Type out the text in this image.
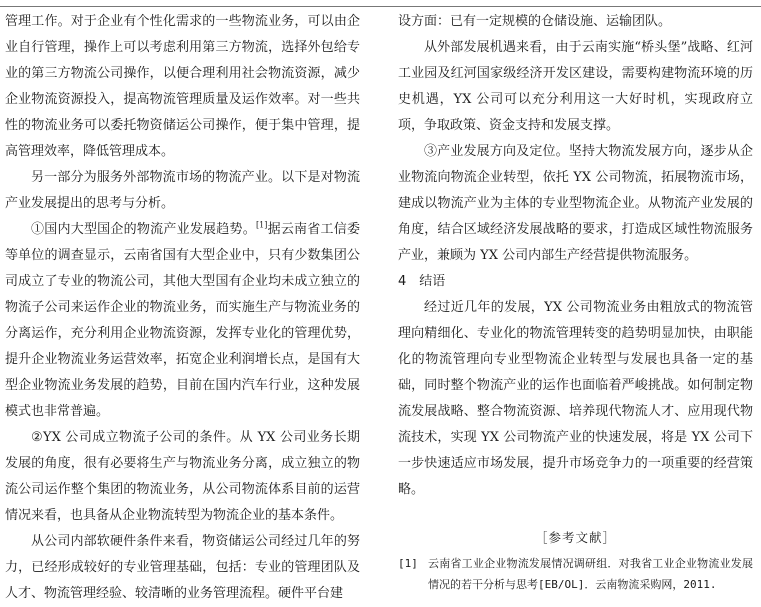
管理工作。对于企业有个性化需求的一些物流业务，可以由企业自行管理，操作上可以考虑利用第三方物流，选择外包给专业的第三方物流公司操作，以便合理利用社会物流资源，减少企业物流资源投入，提高物流管理质量及运作效率。对一些共性的物流业务可以委托物资储运公司操作，便于集中管理，提高管理效率，降低管理成本。

另一部分为服务外部物流市场的物流产业。以下是对物流产业发展提出的思考与分析。

①国内大型国企的物流产业发展趋势。[1]据云南省工信委等单位的调查显示，云南省国有大型企业中，只有少数集团公司成立了专业的物流公司，其他大型国有企业均未成立独立的物流子公司来运作企业的物流业务，而实施生产与物流业务的分离运作，充分利用企业物流资源，发挥专业化的管理优势，提升企业物流业务运营效率，拓宽企业利润增长点，是国有大型企业物流业务发展的趋势，目前在国内汽车行业，这种发展模式也非常普遍。

②YX 公司成立物流子公司的条件。从 YX 公司业务长期发展的角度，很有必要将生产与物流业务分离，成立独立的物流公司运作整个集团的物流业务，从公司物流体系目前的运营情况来看，也具备从企业物流转型为物流企业的基本条件。

从公司内部软硬件条件来看，物资储运公司经过几年的努力，已经形成较好的专业管理基础，包括：专业的管理团队及人才、物流管理经验、较清晰的业务管理流程。硬件平台建

设方面：已有一定规模的仓储设施、运输团队。

从外部发展机遇来看，由于云南实施“桥头堡”战略、红河工业园及红河国家级经济开发区建设，需要构建物流环境的历史机遇，YX 公司可以充分利用这一大好时机，实现政府立项，争取政策、资金支持和发展支撑。

③产业发展方向及定位。坚持大物流发展方向，逐步从企业物流向物流企业转型，依托 YX 公司物流，拓展物流市场，建成以物流产业为主体的专业型物流企业。从物流产业发展的角度，结合区域经济发展战略的要求，打造成区域性物流服务产业，兼顾为 YX 公司内部生产经营提供物流服务。

4　结语

经过近几年的发展，YX 公司物流业务由粗放式的物流管理向精细化、专业化的物流管理转变的趋势明显加快，由职能化的物流管理向专业型物流企业转型与发展也具备一定的基础，同时整个物流产业的运作也面临着严峻挑战。如何制定物流发展战略、整合物流资源、培养现代物流人才、应用现代物流技术，实现 YX 公司物流产业的快速发展，将是 YX 公司下一步快速适应市场发展，提升市场竞争力的一项重要的经营策略。

［参考文献］
[1] 云南省工业企业物流发展情况调研组．对我省工业企业物流业发展情况的若干分析与思考[EB/OL]．云南物流采购网，2011.
